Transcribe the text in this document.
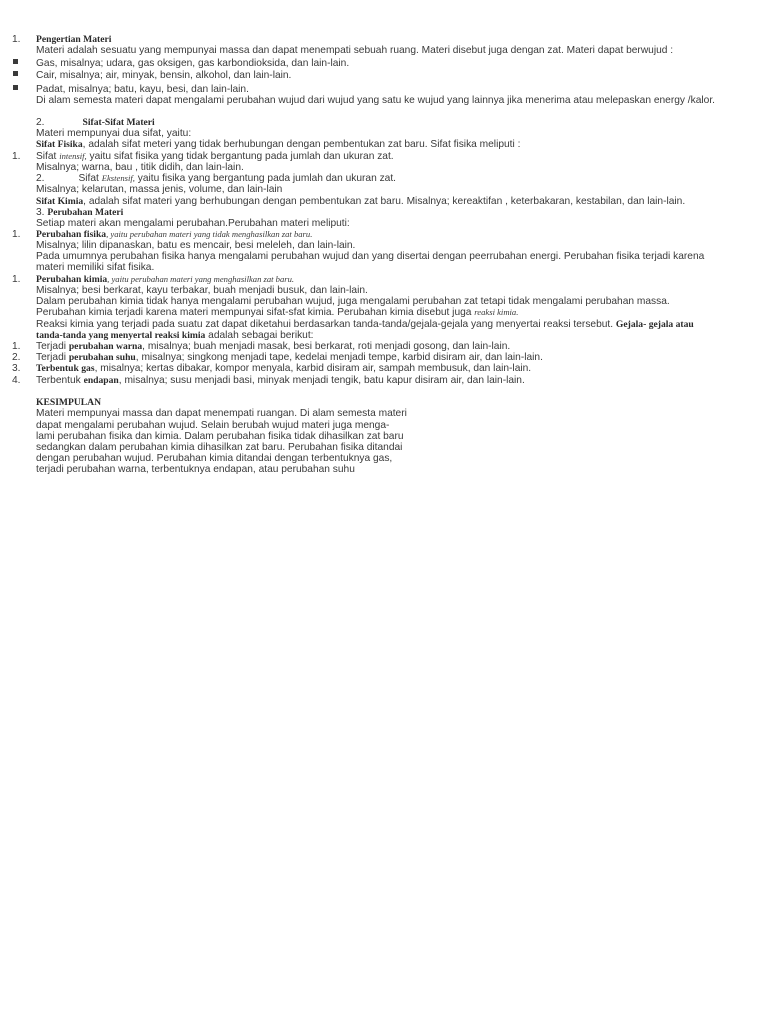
1. Pengertian Materi
Materi adalah sesuatu yang mempunyai massa dan dapat menempati sebuah ruang. Materi disebut juga dengan zat. Materi dapat berwujud :
Gas, misalnya; udara, gas oksigen, gas karbondioksida, dan lain-lain.
Cair, misalnya; air, minyak, bensin, alkohol, dan lain-lain.
Padat, misalnya; batu, kayu, besi, dan lain-lain.
Di alam semesta materi dapat mengalami perubahan wujud dari wujud yang satu ke wujud yang lainnya jika menerima atau melepaskan energy /kalor.
2.	Sifat-Sifat Materi
Materi mempunyai dua sifat, yaitu:
Sifat Fisika, adalah sifat meteri yang tidak berhubungan dengan pembentukan zat baru. Sifat fisika meliputi :
1. Sifat intensif, yaitu sifat fisika yang tidak bergantung pada jumlah dan ukuran zat.
Misalnya; warna, bau , titik didih, dan lain-lain.
2.	Sifat Ekstensif, yaitu fisika yang bergantung pada jumlah dan ukuran zat.
Misalnya; kelarutan, massa jenis, volume, dan lain-lain
Sifat Kimia, adalah sifat materi yang berhubungan dengan pembentukan zat baru. Misalnya; kereaktifan , keterbakaran, kestabilan, dan lain-lain.
3. Perubahan Materi
Setiap materi akan mengalami perubahan.Perubahan materi meliputi:
1. Perubahan fisika, yaitu perubahan materi yang tidak menghasilkan zat baru.
Misalnya; lilin dipanaskan, batu es mencair, besi meleleh, dan lain-lain.
Pada umumnya perubahan fisika hanya mengalami perubahan wujud dan yang disertai dengan peerrubahan energi. Perubahan fisika terjadi karena
materi memiliki sifat fisika.
1. Perubahan kimia, yaitu perubahan materi yang menghasilkan zat baru.
Misalnya; besi berkarat, kayu terbakar, buah menjadi busuk, dan lain-lain.
Dalam perubahan kimia tidak hanya mengalami perubahan wujud, juga mengalami perubahan zat tetapi tidak mengalami perubahan massa.
Perubahan kimia terjadi karena materi mempunyai sifat-sfat kimia. Perubahan kimia disebut juga reaksi kimia.
Reaksi kimia yang terjadi pada suatu zat dapat diketahui berdasarkan tanda-tanda/gejala-gejala yang menyertai reaksi tersebut. Gejala- gejala atau
tanda-tanda yang menyertal reaksi kimia adalah sebagai berikut:
1. Terjadi perubahan warna, misalnya; buah menjadi masak, besi berkarat, roti menjadi gosong, dan lain-lain.
2. Terjadi perubahan suhu, misalnya; singkong menjadi tape, kedelai menjadi tempe, karbid disiram air, dan lain-lain.
3. Terbentuk gas, misalnya; kertas dibakar, kompor menyala, karbid disiram air, sampah membusuk, dan lain-lain.
4. Terbentuk endapan, misalnya; susu menjadi basi, minyak menjadi tengik, batu kapur disiram air, dan lain-lain.
KESIMPULAN
Materi mempunyai massa dan dapat menempati ruangan. Di alam semesta materi
dapat mengalami perubahan wujud. Selain berubah wujud materi juga menga-
lami perubahan fisika dan kimia. Dalam perubahan fisika tidak dihasilkan zat baru
sedangkan dalam perubahan kimia dihasilkan zat baru. Perubahan fisika ditandai
dengan perubahan wujud. Perubahan kimia ditandai dengan terbentuknya gas,
terjadi perubahan warna, terbentuknya endapan, atau perubahan suhu
